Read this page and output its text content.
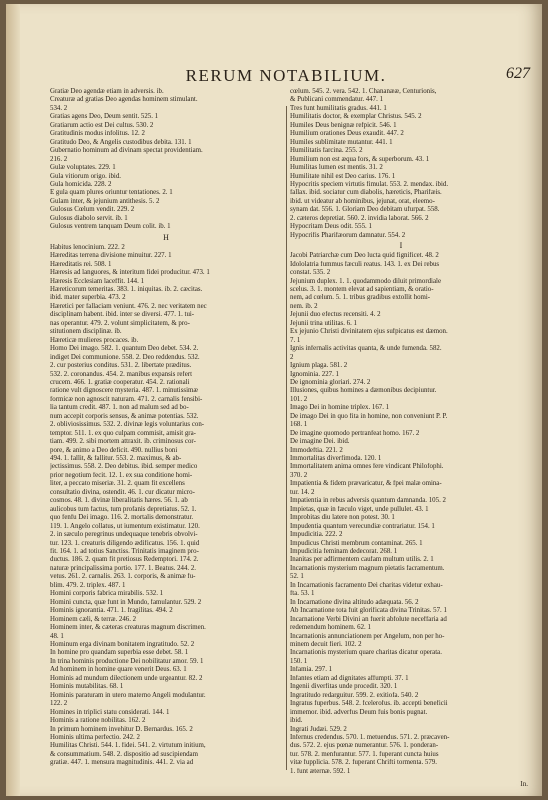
RERUM NOTABILIUM.	627
Gratiæ Deo agendæ etiam in adversis. ib.
Creaturæ ad gratias Deo agendas hominem stimulant.
534. 2
Gratias agens Deo, Deum sentit. 525. 1
Gratiarum actio est Dei cultus. 530. 2
Gratitudinis modus infolitus. 12. 2
Gratitudo Deo, & Angelis custodibus debita. 131. 1
Gubernatio hominum ad divinam spectat providentiam.
216. 2
Gulæ voluptates. 229. 1
Gula vitiorum origo. ibid.
Gula homicida. 228. 2
E gula quam plures oriuntur tentationes. 2. 1
Gulam inter, & jejunium antithesis. 5. 2
Gulosus Cœlum vendit. 229. 2
Gulosus diabolo servit. ib. 1
Gulosus ventrem tanquam Deum colit. ib. 1
H
Habitus lenocinium. 222. 2
Hæreditas terrena divisione minuitur. 227. 1
Hæreditatis rei. 508. 1
Hæresis ad languores, & interitum fidei producitur. 473. 1
Hæresis Ecclesiam laceffit. 144. 1
Hæreticorum temeritas. 383. 1. iniquitas. ib. 2. cæcitas.
ibid. mater superbia. 473. 2
Hæretici per fallaciam veniunt. 476. 2. nec veritatem nec
disciplinam habent. ibid. inter se diversi. 477. 1. tui-
nas operantur. 479. 2. volunt simplicitatem, & pro-
stitutionem disciplinæ. ib.
Hæreticæ mulieres procaces. ib.
Homo Dei imago. 582. 1. quantum Deo debet. 534. 2.
indiget Dei communione. 558. 2. Deo reddendus. 532.
2. cur posterius conditus. 531. 2. libertate præditus.
532. 2. coronandus. 454. 2. manibus expansis refert
crucem. 466. 1. gratiæ cooperatur. 454. 2. rationali
ratione vult dignoscere mysteria. 487. 1. minutissimæ
formicæ non agnoscit naturam. 471. 2. carnalis fensibi-
lia tantum credit. 487. 1. non ad malum sed ad bo-
num accepit corporis sensus, & animæ potentias. 532.
2. obliviosissimus. 532. 2. divinæ legis voluntarius con-
temptor. 511. 1. ex quo culpam commisit, amisit gra-
tiam. 499. 2. sibi mortem attraxit. ib. criminosus cor-
pore, & animo a Deo deficit. 490. nullius boni
494. 1. fallit, & fallitur. 553. 2. maximus, & ab-
jectissimus. 558. 2. Deo debitus. ibid. semper medico
prior negotium fecit. 12. 1. ex sua conditione homi-
liter, a peccato miseriæ. 31. 2. quam fit excellens
consultatio divina, ostendit. 46. 1. cur dicatur micro-
cosmos. 48. 1. divinæ liberalitatis hæres. 56. 1. ab
aulicobus tum factus, tum profanis depretiatus. 52. 1.
quo fenfu Dei imago. 116. 2. mortalis demonstratur.
119. 1. Angelo collatus, ut iumentum existimatur. 120.
2. in sæculo peregrinus undequaque tenebris obvolvi-
tur. 123. 1. creaturis diligendo ædificatus. 156. 1. quid
fit. 164. 1. ad totius Sanctiss. Trinitatis imaginem pro-
ductus. 186. 2. quam fit pretiosus Redemptori. 174. 2.
naturæ principalissima portio. 177. 1. Beatus. 244. 2.
vetus. 261. 2. carnalis. 263. 1. corporis, & animæ fu-
blim. 479. 2. triplex. 487. 1
Homini corporis fabrica mirabilis. 532. 1
Homini cuncta, quæ funt in Mundo, famulantur. 529. 2
Hominis ignorantia. 471. 1. fragilitas. 494. 2
Hominem cæli, & terræ. 246. 2
Hominem inter, & cæteras creaturas magnum discrimen.
48. 1
Hominum erga divinam bonitatem ingratitudo. 52. 2
In homine pro quandam superbia esse debet. 58. 1
In trina hominis productione Dei nobilitatur amor. 59. 1
Ad hominem in homine quare venerit Deus. 63. 1
Hominis ad mundum dilectionem unde urgeantur. 82. 2
Hominis mutabilitas. 68. 1
Hominis paraturam in utero materno Angeli modulantur.
122. 2
Homines in triplici statu considerati. 144. 1
Hominis a ratione nobilitas. 162. 2
In primum hominem invehitur D. Bernardus. 165. 2
Hominis ultima perfectio. 242. 2
Humilitas Christi. 544. 1. fidei. 541. 2. virtutum initium,
& consummatium. 548. 2. dispositio ad suscipiendam
gratiæ. 447. 1. mensura magnitudinis. 441. 2. via ad
cœlum. 545. 2. vera. 542. 1. Chananææ, Centurionis,
& Publicani commendatur. 447. 1
Tres funt humilitatis gradus. 441. 1
Humilitatis doctor, & exemplar Christus. 545. 2
Humiles Deus benignæ refpicit. 546. 1
Humilium orationes Deus exaudit. 447. 2
Humiles sublimitate mutantur. 441. 1
Humilitatis farcina. 255. 2
Humilium non est æqua fors, & superborum. 43. 1
Humilitas lumen est mentis. 31. 2
Humilitate nihil est Deo carius. 176. 1
Hypocritis speciem virtutis fimulat. 553. 2. mendax. ibid.
fallax. ibid. sociatur cum diabolis, hæreticis, Pharifæis.
ibid. ut videatur ab hominibus, jejunat, orat, eleemo-
synam dat. 556. 1. Gloriam Deo debitam ufurpat. 558.
2. cæteros depretiat. 560. 2. invidia laborat. 566. 2
Hypocritam Deus odit. 555. 1
Hypocrifis Pharifæorum damnatur. 554. 2
I
Jacobi Patriarchæ cum Deo lucta quid fignificet. 48. 2
Idololatria fummus fæculi reatus. 143. 1. ex Dei rebus
constat. 535. 2
Jejunium duplex. 1. 1. quodammodo diluit primordiale
scelus. 3. 1. montem elevat ad sapientiam, & oratio-
nem, ad cœlum. 5. 1. tribus gradibus extollit homi-
nem. ib. 2
Jejunii duo efectus recensiti. 4. 2
Jejunii trina utilitas. 6. 1
Ex jejunio Christi divinitatem ejus sufpicatus est dæmon.
7. 1
Ignis infernalis activitas quanta, & unde fumenda. 582.
2
Ignium plaga. 581. 2
Ignominia. 227. 1
De ignominia gloriari. 274. 2
Illusiones, quibus homines a dæmonibus decipiuntur.
101. 2
Imago Dei in homine triplex. 167. 1
De imago Dei in quo fita in homine, non conveniunt P. P.
168. 1
De imagine quomodo pertranfeat homo. 167. 2
De imagine Dei. ibid.
Immodeftia. 221. 2
Immortalitas diverfimoda. 120. 1
Immortalitatem anima omnes fere vindicant Philofophi.
370. 2
Impatientia & fidem prævaricatur, & fpei malæ omina-
tur. 14. 2
Impatientia in rebus adversis quantum damnanda. 105. 2
Impietas, quæ in fæculo viget, unde pullulet. 43. 1
Improbitas diu latere non potest. 30. 1
Impudentia quantum verecundiæ contrariatur. 154. 1
Impudicitia. 222. 2
Impudicus Christi membrum contaminat. 265. 1
Impudicitia feminam dedecorat. 268. 1
Inanitas per adfirmentem caufam multum utilis. 2. 1
Incarnationis mysterium magnum pietatis facramentum.
52. 1
In Incarnationis facramento Dei charitas videtur exhau-
fta. 53. 1
In Incarnatione divina altitudo adæquata. 56. 2
Ab Incarnatione tota fuit glorificata divina Trinitas. 57. 1
Incarnatione Verbi Divini an fuerit abfolute neceffaria ad
redemendum hominem. 62. 1
Incarnationis annunciationem per Angelum, non per ho-
minem decuit fieri. 102. 2
Incarnationis mysterium quare charitas dicatur operata.
150. 1
Infamia. 297. 1
Infantes etiam ad dignitates affumpti. 37. 1
Ingenii diverfitas unde procedit. 320. 1
Ingratitudo redarguitur. 599. 2. exitiofa. 540. 2
Ingratus fuperbus. 548. 2. fcelerofus. ib. accepti beneficii
immemor. ibid. adverfus Deum fuis bonis pugnat.
ibid.
Ingrati Judæi. 529. 2
Infernus credendus. 570. 1. metuendus. 571. 2. præcaven-
dus. 572. 2. ejus pœnæ numerantur. 576. 1. ponderan-
tur. 578. 2. menfurantur. 577. 1. fuperant cuncta huius
vitæ fupplicia. 578. 2. fuperant Chrifti tormenta. 579.
1. funt æternæ. 592. 1
In.
